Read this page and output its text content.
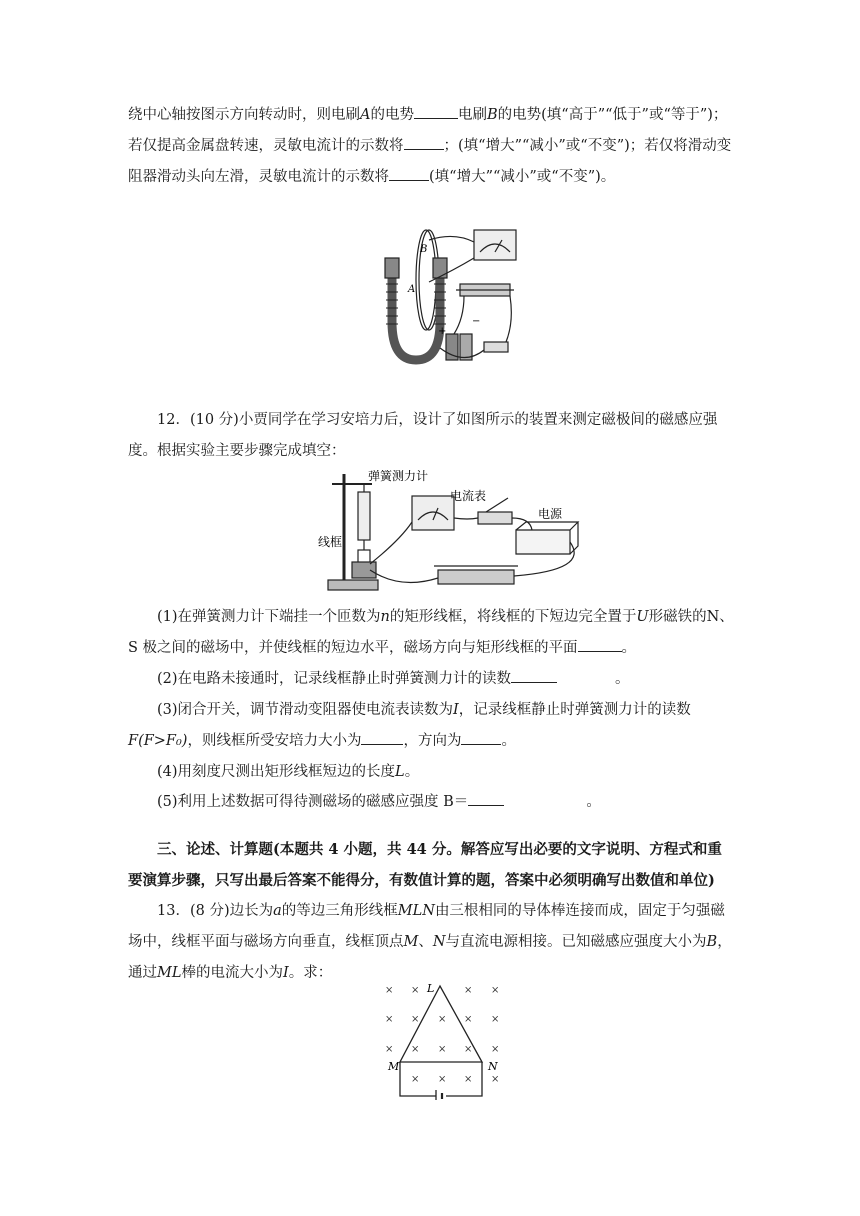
绕中心轴按图示方向转动时，则电刷A的电势	电刷B的电势(填“高于”“低于”或“等于”)；若仅提高金属盘转速，灵敏电流计的示数将	；(填“增大”“减小”或“不变”)；若仅将滑动变阻器滑动头向左滑，灵敏电流计的示数将	(填“增大”“减小”或“不变”)。

B
A
+
−

12．(10 分)小贾同学在学习安培力后，设计了如图所示的装置来测定磁极间的磁感应强度。根据实验主要步骤完成填空：

弹簧测力计
电流表
电源
线框

(1)在弹簧测力计下端挂一个匝数为n的矩形线框，将线框的下短边完全置于U形磁铁的N、S 极之间的磁场中，并使线框的短边水平，磁场方向与矩形线框的平面	。

(2)在电路未接通时，记录线框静止时弹簧测力计的读数	。

(3)闭合开关，调节滑动变阻器使电流表读数为I，记录线框静止时弹簧测力计的读数F(F>F₀)，则线框所受安培力大小为	，方向为	。

(4)用刻度尺测出矩形线框短边的长度L。

(5)利用上述数据可得待测磁场的磁感应强度 B＝	。

三、论述、计算题(本题共 4 小题，共 44 分。解答应写出必要的文字说明、方程式和重要演算步骤，只写出最后答案不能得分，有数值计算的题，答案中必须明确写出数值和单位)

13．(8 分)边长为a的等边三角形线框MLN由三根相同的导体棒连接而成，固定于匀强磁场中，线框平面与磁场方向垂直，线框顶点M、N与直流电源相接。已知磁感应强度大小为B，通过ML棒的电流大小为I。求：

× ×	× ×
× × × × ×
× × × × ×
× × × ×
L
M	N
